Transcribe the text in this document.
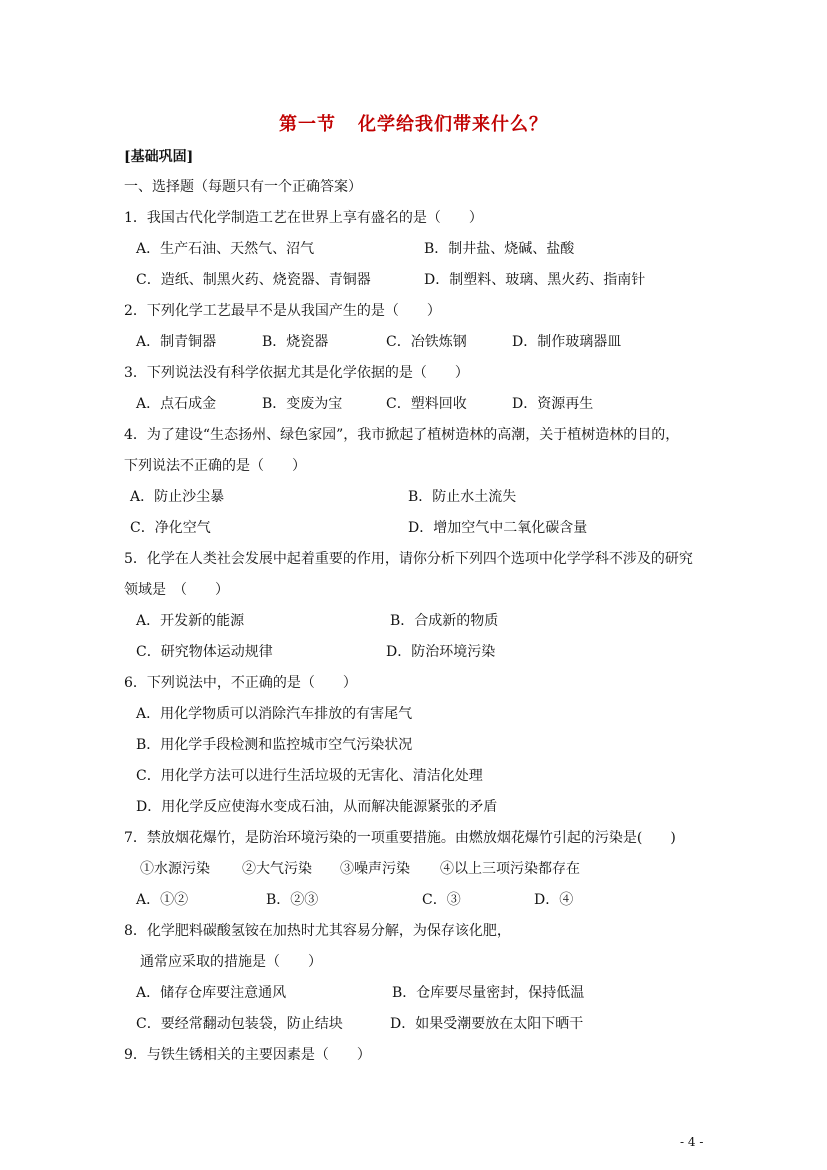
第一节 化学给我们带来什么？
[基础巩固]
一、选择题（每题只有一个正确答案）
1．我国古代化学制造工艺在世界上享有盛名的是（　　）
A．生产石油、天然气、沼气	B．制井盐、烧碱、盐酸
C．造纸、制黑火药、烧瓷器、青铜器	D．制塑料、玻璃、黑火药、指南针
2．下列化学工艺最早不是从我国产生的是（　　）
A．制青铜器	B．烧瓷器	C．冶铁炼钢	D．制作玻璃器皿
3．下列说法没有科学依据尤其是化学依据的是（　　）
A．点石成金	B．变废为宝	C．塑料回收	D．资源再生
4．为了建设“生态扬州、绿色家园”，我市掀起了植树造林的高潮，关于植树造林的目的，
下列说法不正确的是（　　）
A．防止沙尘暴	B．防止水土流失
C．净化空气	D．增加空气中二氧化碳含量
5．化学在人类社会发展中起着重要的作用，请你分析下列四个选项中化学学科不涉及的研究
领域是　（　　）
A．开发新的能源	B．合成新的物质
C．研究物体运动规律	D．防治环境污染
6．下列说法中，不正确的是（　　）
A．用化学物质可以消除汽车排放的有害尾气
B．用化学手段检测和监控城市空气污染状况
C．用化学方法可以进行生活垃圾的无害化、清洁化处理
D．用化学反应使海水变成石油，从而解决能源紧张的矛盾
7．禁放烟花爆竹，是防治环境污染的一项重要措施。由燃放烟花爆竹引起的污染是(　　)
①水源污染 ②大气污染 ③噪声污染 ④以上三项污染都存在
A．①②	B．②③	C．③	D．④
8．化学肥料碳酸氢铵在加热时尤其容易分解，为保存该化肥，
通常应采取的措施是（　　）
A．储存仓库要注意通风	B．仓库要尽量密封，保持低温
C．要经常翻动包装袋，防止结块	D．如果受潮要放在太阳下晒干
9．与铁生锈相关的主要因素是（　　）
- 4 -
